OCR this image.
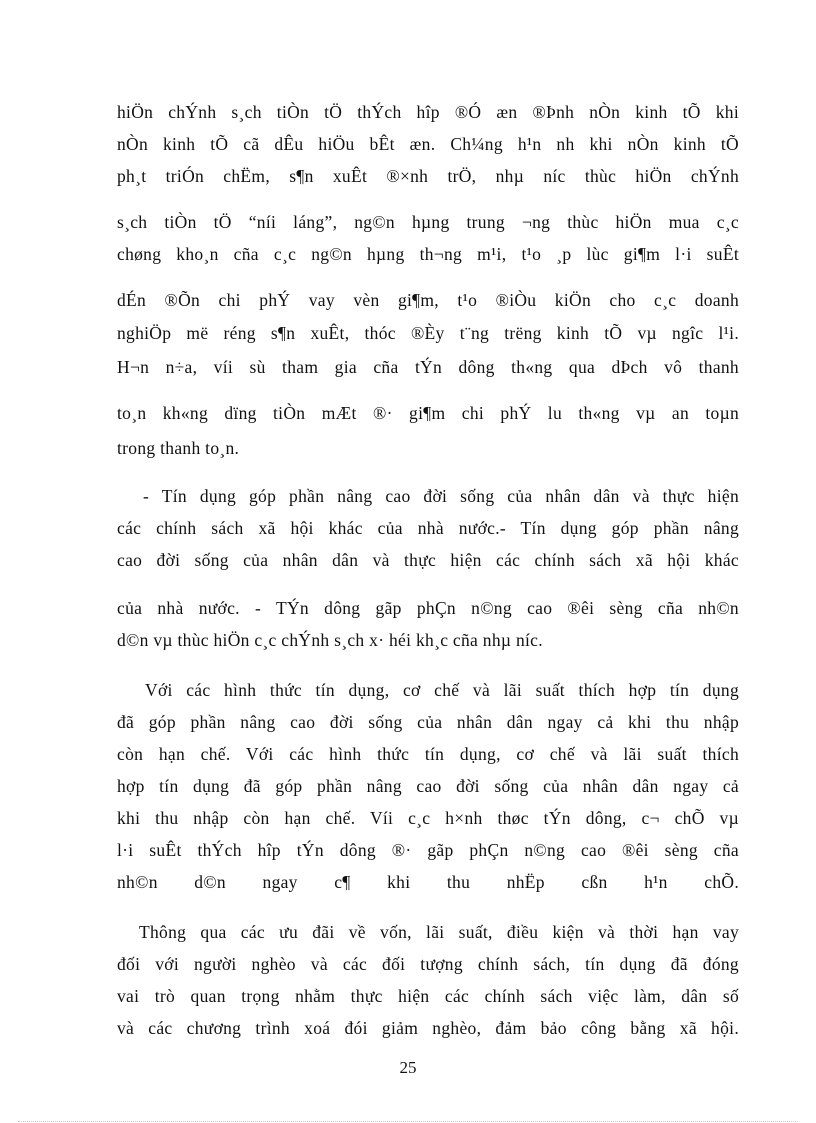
hiÖn chÝnh s¸ch tiÒn tÖ thÝch hîp ®Ó æn ®Þnh nÒn kinh tÕ khi
nÒn kinh tÕ cã dÊu hiÖu bÊt æn. Ch¼ng h¹n nh khi nÒn kinh tÕ
ph¸t triÓn chËm, s¶n xuÊt ®×nh trÖ, nhµ níc thùc hiÖn chÝnh
s¸ch tiÒn tÖ “níi láng”, ng©n hµng trung ¬ng thùc hiÖn mua c¸c
chøng kho¸n cña c¸c ng©n hµng th¬ng m¹i, t¹o ¸p lùc gi¶m l·i suÊt
dÉn ®Õn chi phÝ vay vèn gi¶m, t¹o ®iÒu kiÖn cho c¸c doanh
nghiÖp më réng s¶n xuÊt, thóc ®Èy t¨ng trëng kinh tÕ vµ ngîc l¹i.
H¬n n÷a, víi sù tham gia cña tÝn dông th«ng qua dÞch vô thanh
to¸n kh«ng dïng tiÒn mÆt ®· gi¶m chi phÝ lu th«ng vµ an toµn
trong thanh to¸n.
- Tín dụng góp phần nâng cao đời sống của nhân dân và thực hiện
các chính sách xã hội khác của nhà nước.- Tín dụng góp phần nâng
cao đời sống của nhân dân và thực hiện các chính sách xã hội khác
của nhà nước. - TÝn dông gãp phÇn n©ng cao ®êi sèng cña nh©n
d©n vµ thùc hiÖn c¸c chÝnh s¸ch x· héi kh¸c cña nhµ níc.
Với các hình thức tín dụng, cơ chế và lãi suất thích hợp tín dụng
đã góp phần nâng cao đời sống của nhân dân ngay cả khi thu nhập
còn hạn chế. Với các hình thức tín dụng, cơ chế và lãi suất thích
hợp tín dụng đã góp phần nâng cao đời sống của nhân dân ngay cả
khi thu nhập còn hạn chế. Víi c¸c h×nh thøc tÝn dông, c¬ chÕ vµ
l·i suÊt thÝch hîp tÝn dông ®· gãp phÇn n©ng cao ®êi sèng cña
nh©n d©n ngay c¶ khi thu nhËp cßn h¹n chÕ.
Thông qua các ưu đãi về vốn, lãi suất, điều kiện và thời hạn vay
đối với người nghèo và các đối tượng chính sách, tín dụng đã đóng
vai trò quan trọng nhằm thực hiện các chính sách việc làm, dân số
và các chương trình xoá đói giảm nghèo, đảm bảo công bằng xã hội.
25
